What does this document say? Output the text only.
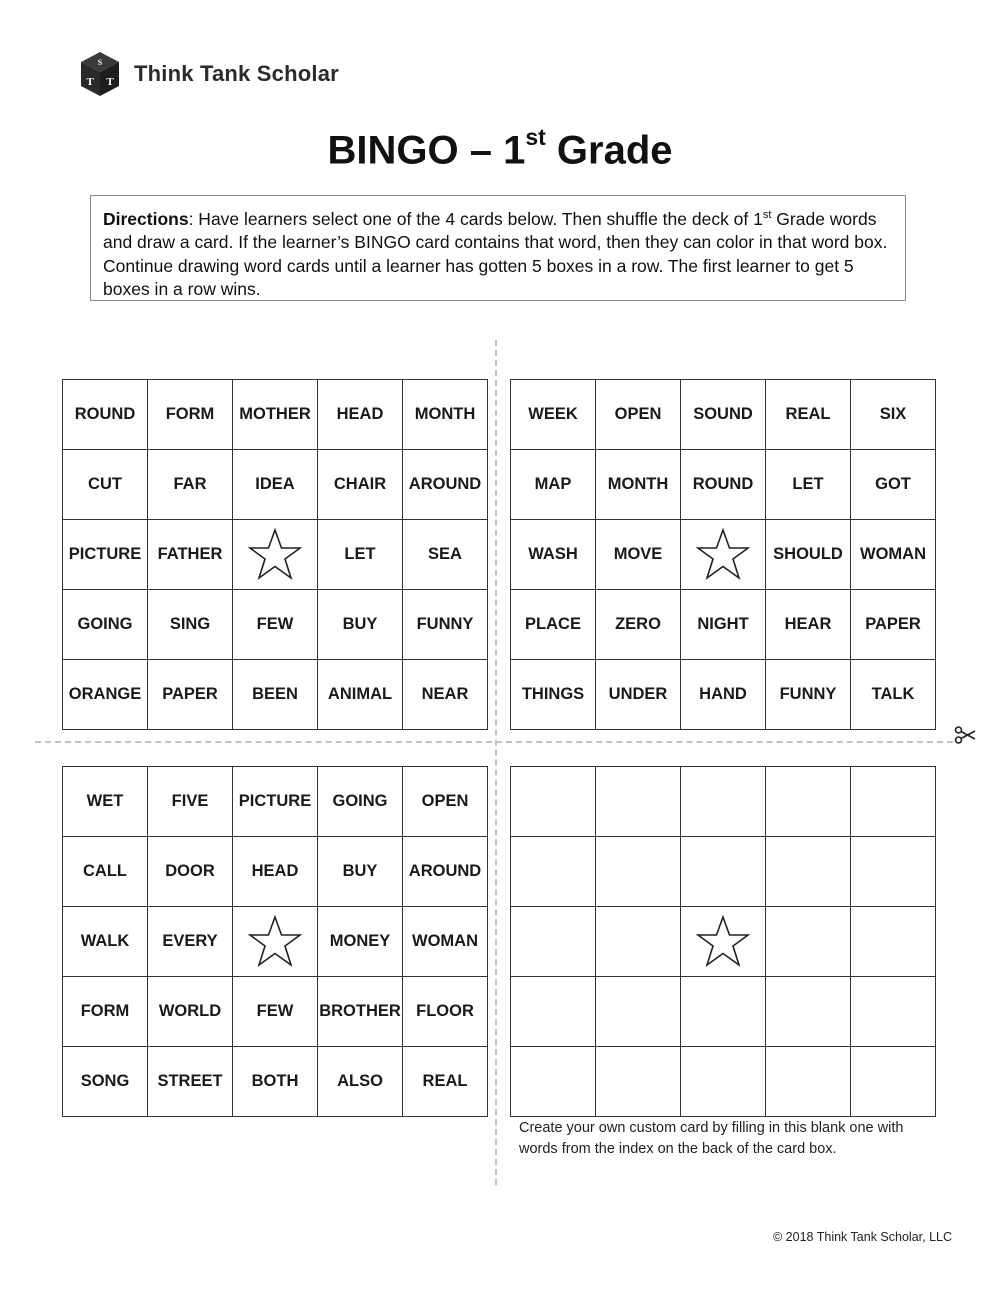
S
T T Think Tank Scholar
BINGO – 1st Grade
Directions: Have learners select one of the 4 cards below. Then shuffle the deck of 1st Grade words and draw a card. If the learner’s BINGO card contains that word, then they can color in that word box. Continue drawing word cards until a learner has gotten 5 boxes in a row. The first learner to get 5 boxes in a row wins.
ROUND	FORM	MOTHER	HEAD	MONTH
CUT	FAR	IDEA	CHAIR	AROUND
PICTURE	FATHER		LET	SEA
GOING	SING	FEW	BUY	FUNNY
ORANGE	PAPER	BEEN	ANIMAL	NEAR
WEEK	OPEN	SOUND	REAL	SIX
MAP	MONTH	ROUND	LET	GOT
WASH	MOVE		SHOULD	WOMAN
PLACE	ZERO	NIGHT	HEAR	PAPER
THINGS	UNDER	HAND	FUNNY	TALK
WET	FIVE	PICTURE	GOING	OPEN
CALL	DOOR	HEAD	BUY	AROUND
WALK	EVERY		MONEY	WOMAN
FORM	WORLD	FEW	BROTHER	FLOOR
SONG	STREET	BOTH	ALSO	REAL

Create your own custom card by filling in this blank one with words from the index on the back of the card box.
© 2018 Think Tank Scholar, LLC
